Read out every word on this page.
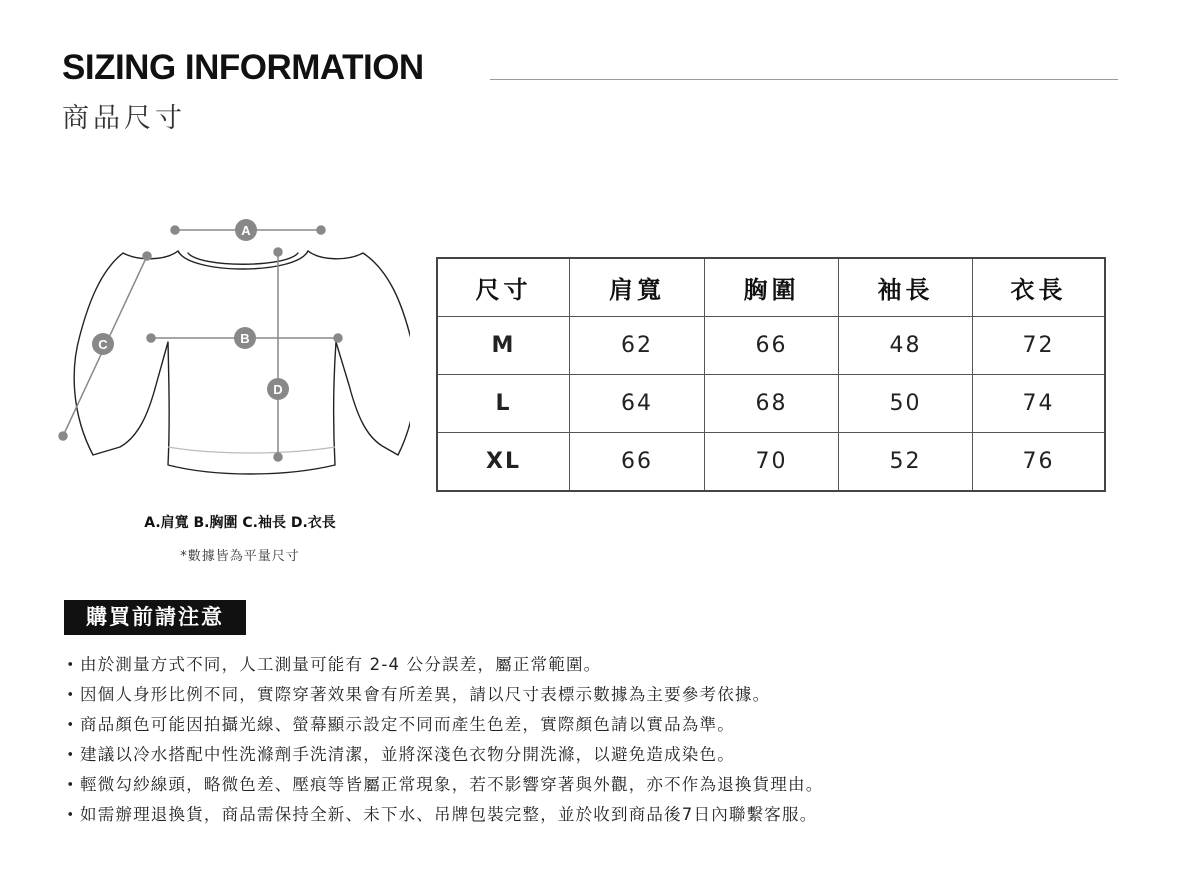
SIZING INFORMATION
商品尺寸
A
B
C
D
A.肩寬 B.胸圍 C.袖長 D.衣長
*數據皆為平量尺寸
尺寸	肩寬	胸圍	袖長	衣長
M	62	66	48	72
L	64	68	50	74
XL	66	70	52	76
購買前請注意
・由於測量方式不同，人工測量可能有 2-4 公分誤差，屬正常範圍。
・因個人身形比例不同，實際穿著效果會有所差異，請以尺寸表標示數據為主要參考依據。
・商品顏色可能因拍攝光線、螢幕顯示設定不同而產生色差，實際顏色請以實品為準。
・建議以冷水搭配中性洗滌劑手洗清潔，並將深淺色衣物分開洗滌，以避免造成染色。
・輕微勾紗線頭，略微色差、壓痕等皆屬正常現象，若不影響穿著與外觀，亦不作為退換貨理由。
・如需辦理退換貨，商品需保持全新、未下水、吊牌包裝完整，並於收到商品後7日內聯繫客服。
